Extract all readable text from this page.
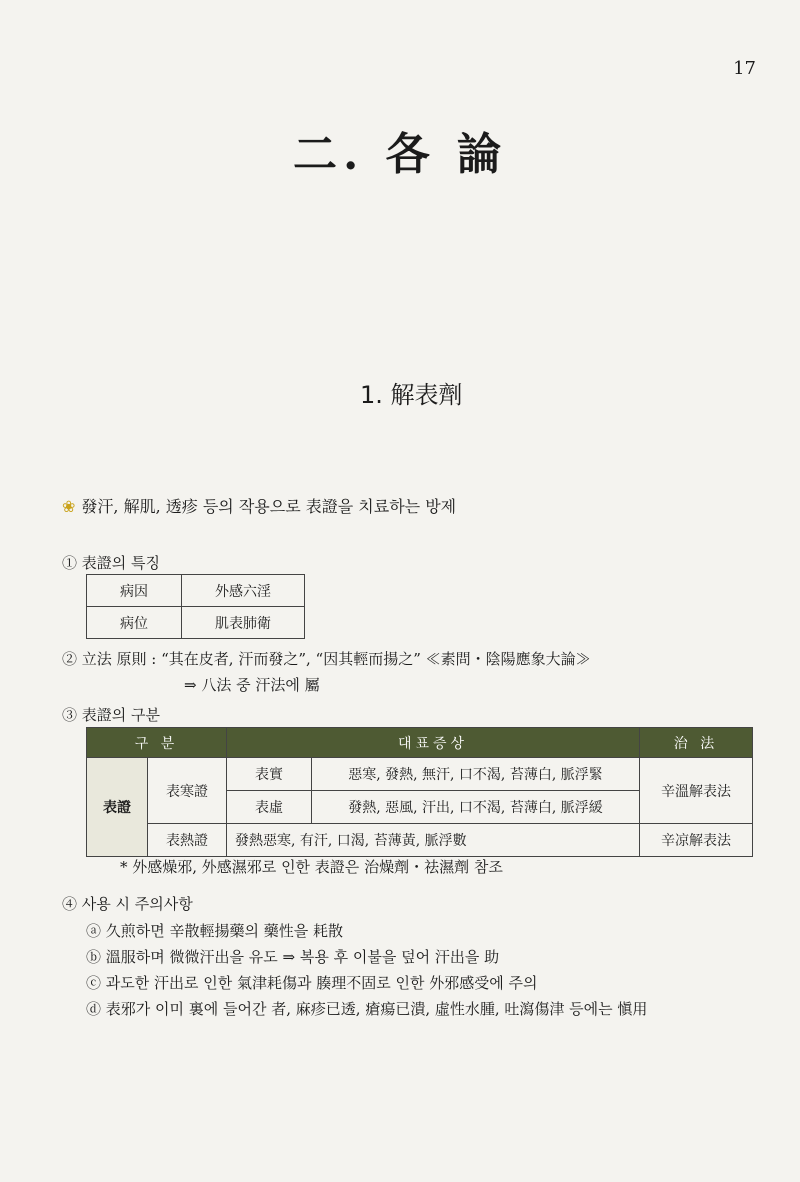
17
二. 各 論
1. 解表劑
❀ 發汗, 解肌, 透疹 등의 작용으로 表證을 치료하는 방제
① 表證의 특징
病因	外感六淫
病位	肌表肺衛
② 立法 原則 : “其在皮者, 汗而發之”, “因其輕而揚之” ≪素問・陰陽應象大論≫
⇒ 八法 중 汗法에 屬
③ 表證의 구분
구 분		대표증상		治 法
表證	表寒證	表實	惡寒, 發熱, 無汗, 口不渴, 苔薄白, 脈浮緊	辛溫解表法
		表虛	發熱, 惡風, 汗出, 口不渴, 苔薄白, 脈浮緩	
	表熱證	發熱惡寒, 有汗, 口渴, 苔薄黃, 脈浮數		辛凉解表法
* 外感燥邪, 外感濕邪로 인한 表證은 治燥劑・祛濕劑 참조
④ 사용 시 주의사항
ⓐ 久煎하면 辛散輕揚藥의 藥性을 耗散
ⓑ 溫服하며 微微汗出을 유도 ⇒ 복용 후 이불을 덮어 汗出을 助
ⓒ 과도한 汗出로 인한 氣津耗傷과 腠理不固로 인한 外邪感受에 주의
ⓓ 表邪가 이미 裏에 들어간 者, 麻疹已透, 瘡瘍已潰, 虛性水腫, 吐瀉傷津 등에는 愼用
